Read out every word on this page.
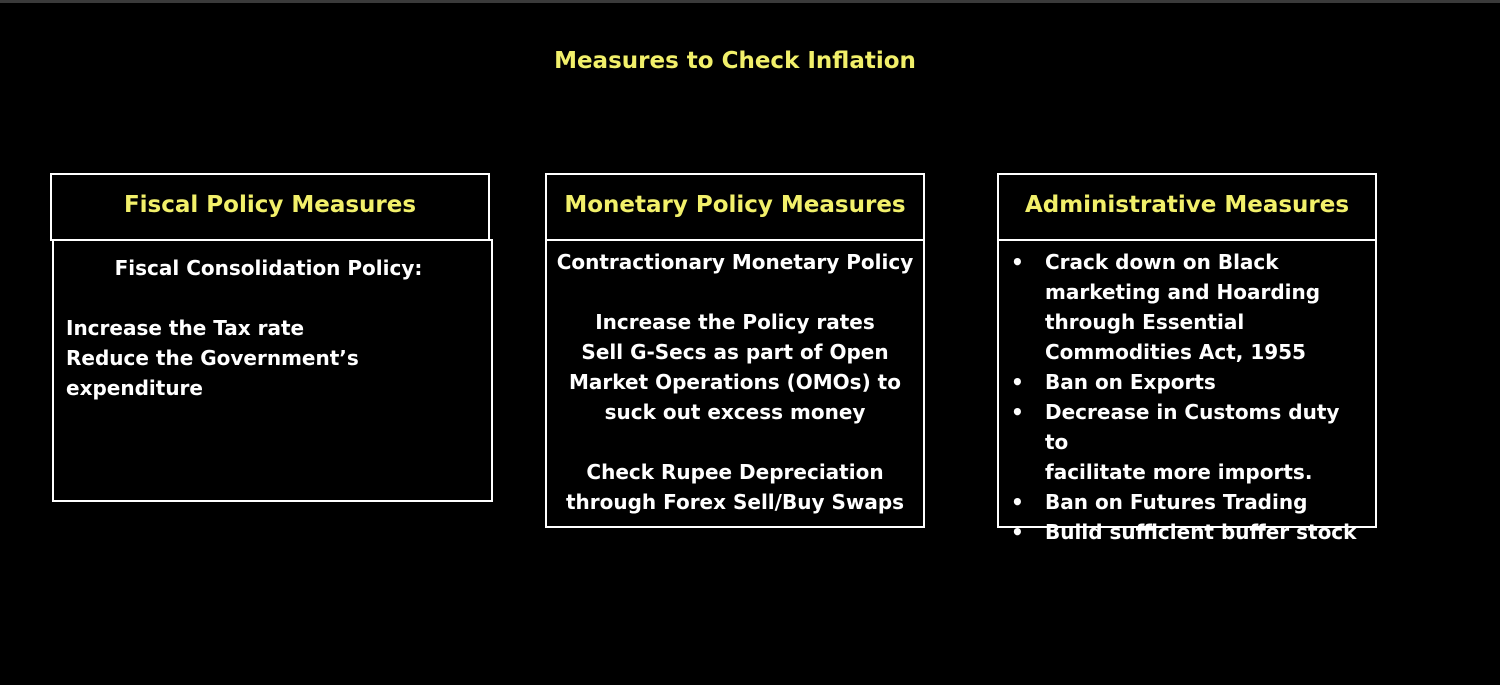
Measures to Check Inflation
Fiscal Policy Measures
Fiscal Consolidation Policy:
Increase the Tax rate
Reduce the Government’s expenditure
Monetary Policy Measures
Contractionary Monetary Policy
Increase the Policy rates
Sell G-Secs as part of Open
Market Operations (OMOs) to
suck out excess money
Check Rupee Depreciation
through Forex Sell/Buy Swaps
Administrative Measures
• Crack down on Black
marketing and Hoarding
through Essential
Commodities Act, 1955
• Ban on Exports
• Decrease in Customs duty to
facilitate more imports.
• Ban on Futures Trading
• Build sufficient buffer stock
